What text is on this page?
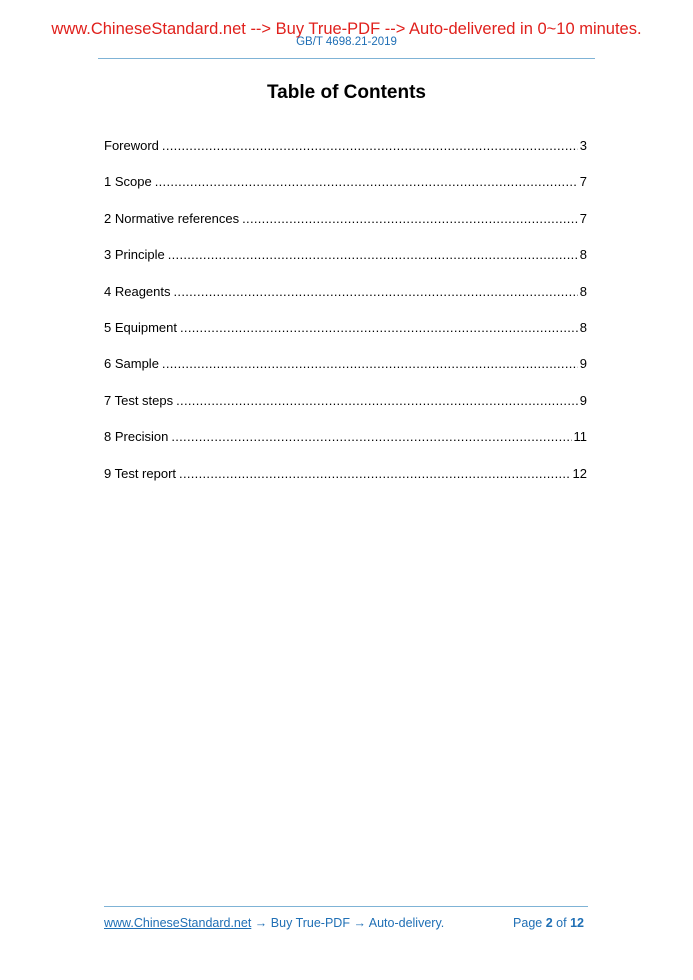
www.ChineseStandard.net --> Buy True-PDF --> Auto-delivered in 0~10 minutes.
GB/T 4698.21-2019
Table of Contents
Foreword .....	3
1 Scope .....	7
2 Normative references .....	7
3 Principle .....	8
4 Reagents .....	8
5 Equipment .....	8
6 Sample .....	9
7 Test steps .....	9
8 Precision .....	11
9 Test report .....	12
www.ChineseStandard.net → Buy True-PDF → Auto-delivery.	Page 2 of 12
